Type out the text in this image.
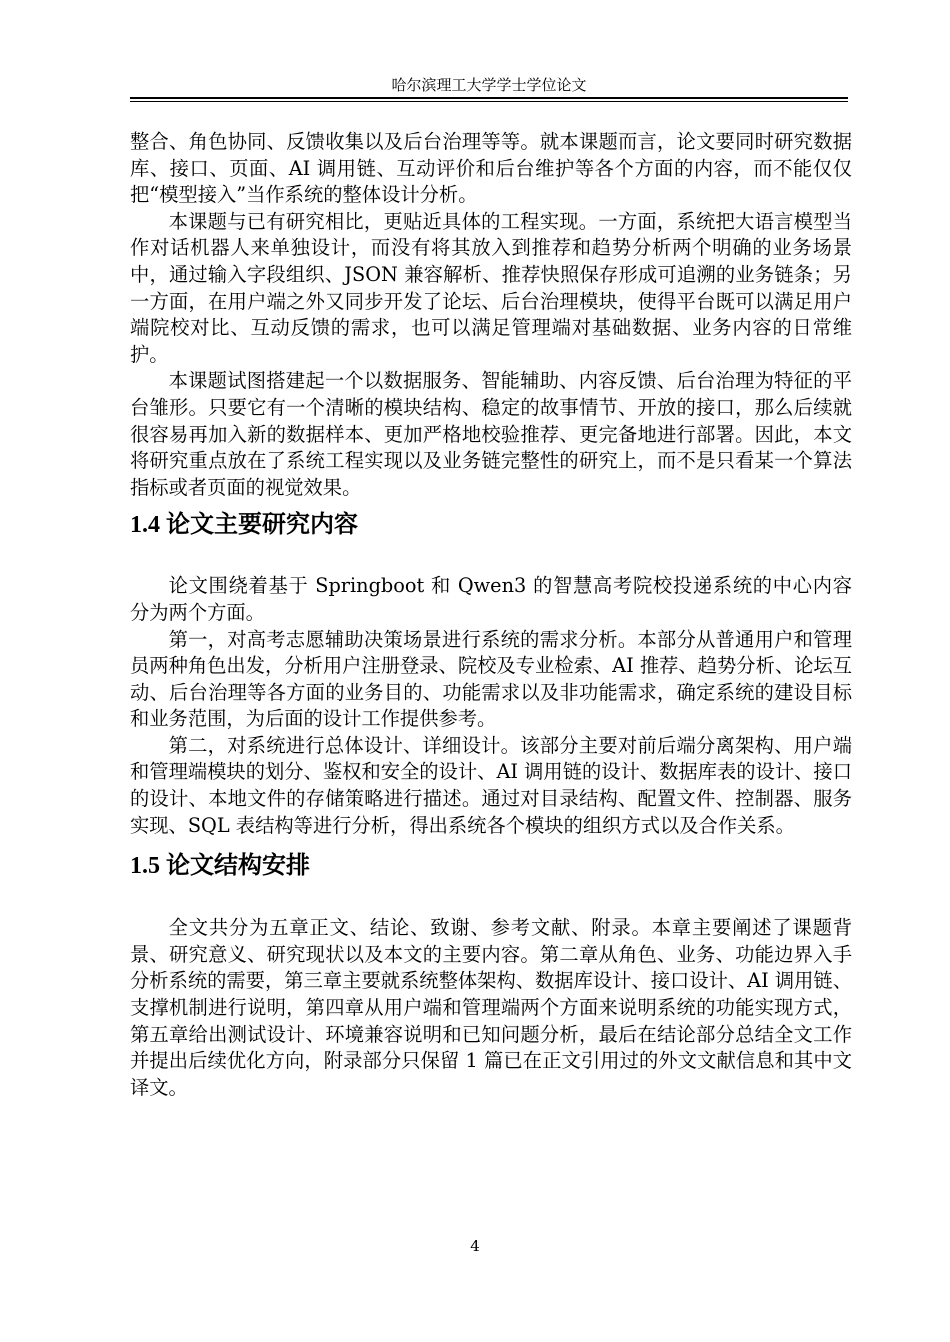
哈尔滨理工大学学士学位论文

整合、角色协同、反馈收集以及后台治理等等。就本课题而言，论文要同时研究数据库、接口、页面、AI 调用链、互动评价和后台维护等各个方面的内容，而不能仅仅把“模型接入”当作系统的整体设计分析。

本课题与已有研究相比，更贴近具体的工程实现。一方面，系统把大语言模型当作对话机器人来单独设计，而没有将其放入到推荐和趋势分析两个明确的业务场景中，通过输入字段组织、JSON 兼容解析、推荐快照保存形成可追溯的业务链条；另一方面，在用户端之外又同步开发了论坛、后台治理模块，使得平台既可以满足用户端院校对比、互动反馈的需求，也可以满足管理端对基础数据、业务内容的日常维护。

本课题试图搭建起一个以数据服务、智能辅助、内容反馈、后台治理为特征的平台雏形。只要它有一个清晰的模块结构、稳定的故事情节、开放的接口，那么后续就很容易再加入新的数据样本、更加严格地校验推荐、更完备地进行部署。因此，本文将研究重点放在了系统工程实现以及业务链完整性的研究上，而不是只看某一个算法指标或者页面的视觉效果。

1.4 论文主要研究内容

论文围绕着基于 Springboot 和 Qwen3 的智慧高考院校投递系统的中心内容分为两个方面。

第一，对高考志愿辅助决策场景进行系统的需求分析。本部分从普通用户和管理员两种角色出发，分析用户注册登录、院校及专业检索、AI 推荐、趋势分析、论坛互动、后台治理等各方面的业务目的、功能需求以及非功能需求，确定系统的建设目标和业务范围，为后面的设计工作提供参考。

第二，对系统进行总体设计、详细设计。该部分主要对前后端分离架构、用户端和管理端模块的划分、鉴权和安全的设计、AI 调用链的设计、数据库表的设计、接口的设计、本地文件的存储策略进行描述。通过对目录结构、配置文件、控制器、服务实现、SQL 表结构等进行分析，得出系统各个模块的组织方式以及合作关系。

1.5 论文结构安排

全文共分为五章正文、结论、致谢、参考文献、附录。本章主要阐述了课题背景、研究意义、研究现状以及本文的主要内容。第二章从角色、业务、功能边界入手分析系统的需要，第三章主要就系统整体架构、数据库设计、接口设计、AI 调用链、支撑机制进行说明，第四章从用户端和管理端两个方面来说明系统的功能实现方式，第五章给出测试设计、环境兼容说明和已知问题分析，最后在结论部分总结全文工作并提出后续优化方向，附录部分只保留 1 篇已在正文引用过的外文文献信息和其中文译文。

4
